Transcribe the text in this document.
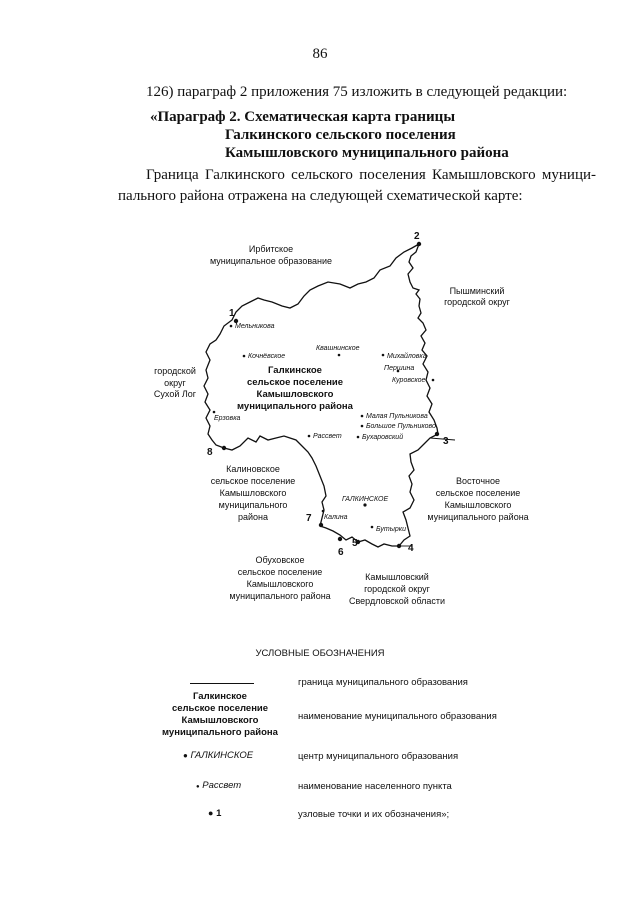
86
126) параграф 2 приложения 75 изложить в следующей редакции:
«Параграф 2. Схематическая карта границы
Галкинского сельского поселения
Камышловского муниципального района
Граница Галкинского сельского поселения Камышловского муници-пального района отражена на следующей схематической карте:
1
2
3
4
5
6
7
8
Ирбитское
муниципальное образование
Пышминский
городской округ
городской
округ
Сухой Лог
Калиновское
сельское поселение
Камышловского
муниципального
района
Восточное
сельское поселение
Камышловского
муниципального района
Обуховское
сельское поселение
Камышловского
муниципального района
Камышловский
городской округ
Свердловской области
Галкинское
сельское поселение
Камышловского
муниципального района
Мельникова
Квашнинское
Кочнёвское	Михайловка
Першина
Куровское
Ерзовка	Малая Пульникова
Большое Пульниково
Рассвет	Бухаровский
Калина
Бутырки
ГАЛКИНСКОЕ
УСЛОВНЫЕ ОБОЗНАЧЕНИЯ
граница муниципального образования
Галкинское
сельское поселение
Камышловского
муниципального района
наименование муниципального образования
● ГАЛКИНСКОЕ	центр муниципального образования
● Рассвет	наименование населенного пункта
● 1	узловые точки и их обозначения»;
